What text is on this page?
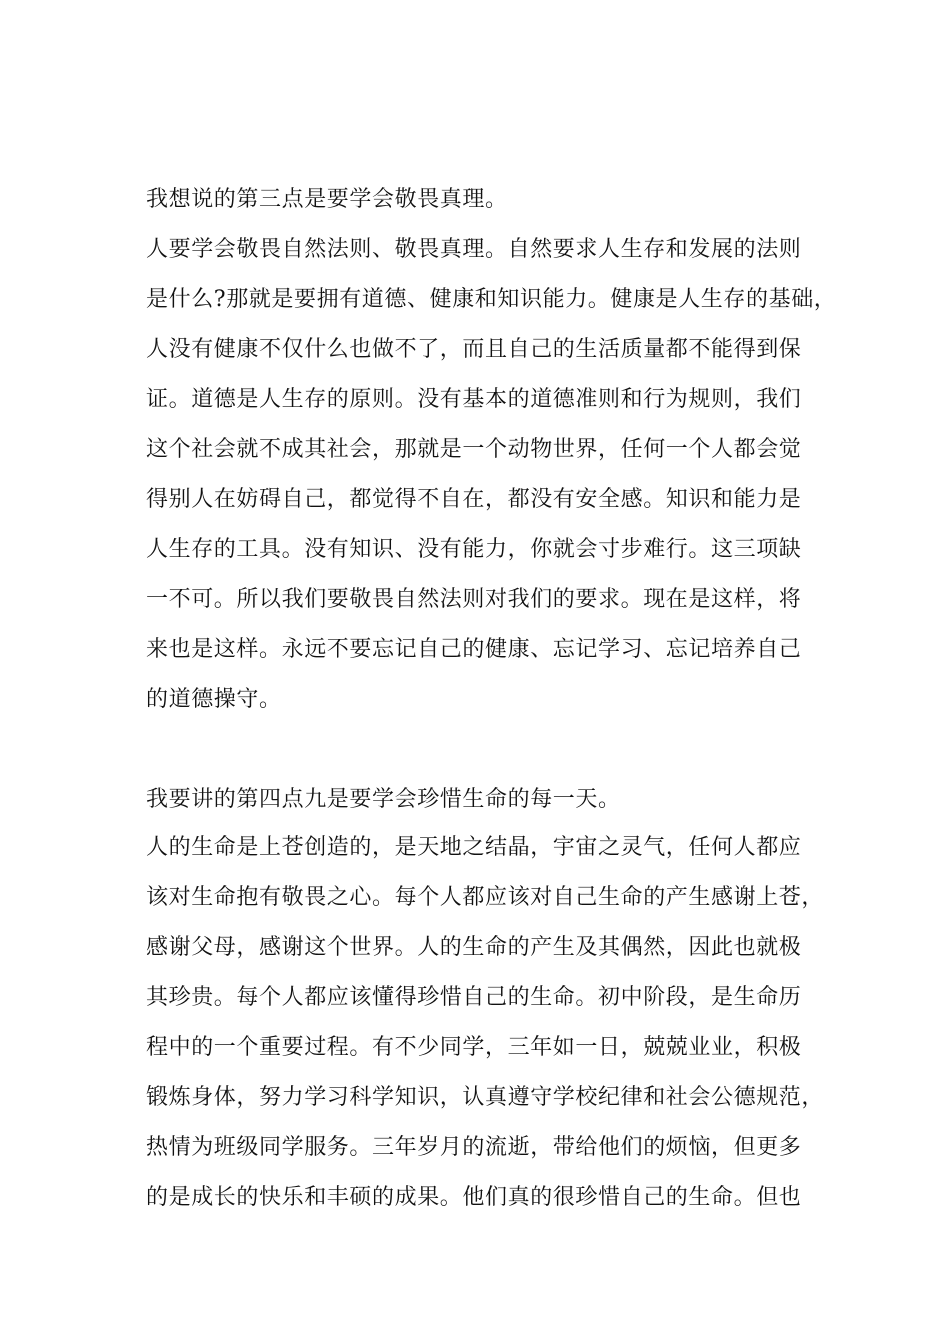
我想说的第三点是要学会敬畏真理。

人要学会敬畏自然法则、敬畏真理。自然要求人生存和发展的法则

是什么?那就是要拥有道德、健康和知识能力。健康是人生存的基础，

人没有健康不仅什么也做不了，而且自己的生活质量都不能得到保

证。道德是人生存的原则。没有基本的道德准则和行为规则，我们

这个社会就不成其社会，那就是一个动物世界，任何一个人都会觉

得别人在妨碍自己，都觉得不自在，都没有安全感。知识和能力是

人生存的工具。没有知识、没有能力，你就会寸步难行。这三项缺

一不可。所以我们要敬畏自然法则对我们的要求。现在是这样，将

来也是这样。永远不要忘记自己的健康、忘记学习、忘记培养自己

的道德操守。

我要讲的第四点九是要学会珍惜生命的每一天。

人的生命是上苍创造的，是天地之结晶，宇宙之灵气，任何人都应

该对生命抱有敬畏之心。每个人都应该对自己生命的产生感谢上苍，

感谢父母，感谢这个世界。人的生命的产生及其偶然，因此也就极

其珍贵。每个人都应该懂得珍惜自己的生命。初中阶段，是生命历

程中的一个重要过程。有不少同学，三年如一日，兢兢业业，积极

锻炼身体，努力学习科学知识，认真遵守学校纪律和社会公德规范，

热情为班级同学服务。三年岁月的流逝，带给他们的烦恼，但更多

的是成长的快乐和丰硕的成果。他们真的很珍惜自己的生命。但也
